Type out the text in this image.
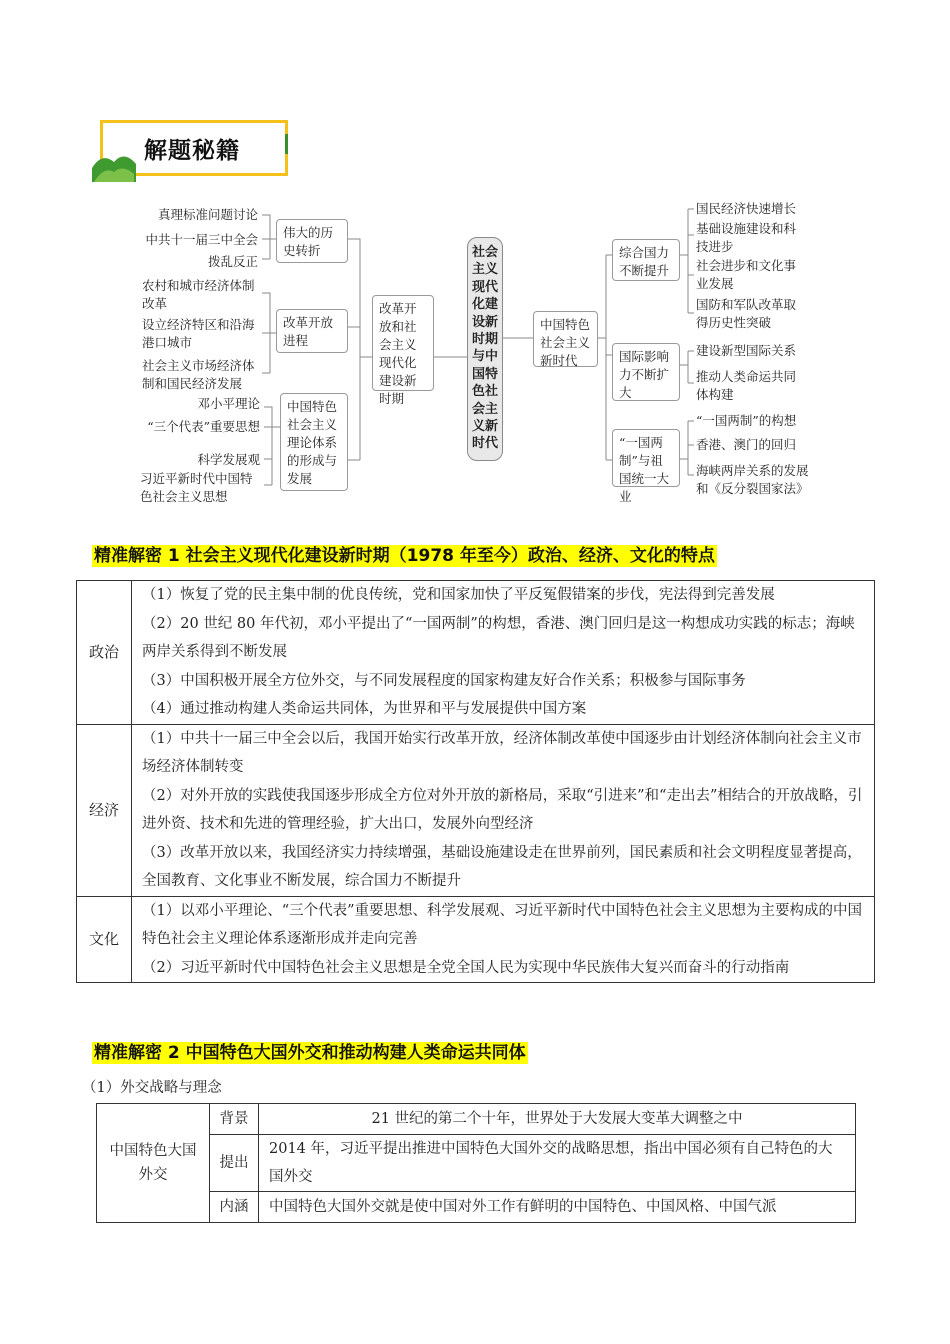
解题秘籍
真理标准问题讨论
中共十一届三中全会
拨乱反正
农村和城市经济体制改革
设立经济特区和沿海港口城市
社会主义市场经济体制和国民经济发展
邓小平理论
“三个代表”重要思想
科学发展观
习近平新时代中国特色社会主义思想
伟大的历史转折
改革开放进程
中国特色社会主义理论体系的形成与发展
改革开放和社会主义现代化建设新时期
社会主义现代化建设新时期与中国特色社会主义新时代
中国特色社会主义新时代
综合国力不断提升
国际影响力不断扩大
“一国两制”与祖国统一大业
国民经济快速增长
基础设施建设和科技进步
社会进步和文化事业发展
国防和军队改革取得历史性突破
建设新型国际关系
推动人类命运共同体构建
“一国两制”的构想
香港、澳门的回归
海峡两岸关系的发展和《反分裂国家法》
精准解密 1 社会主义现代化建设新时期（1978 年至今）政治、经济、文化的特点
政治	（1）恢复了党的民主集中制的优良传统，党和国家加快了平反冤假错案的步伐，宪法得到完善发展
（2）20 世纪 80 年代初，邓小平提出了“一国两制”的构想，香港、澳门回归是这一构想成功实践的标志；海峡两岸关系得到不断发展
（3）中国积极开展全方位外交，与不同发展程度的国家构建友好合作关系；积极参与国际事务
（4）通过推动构建人类命运共同体，为世界和平与发展提供中国方案

经济	（1）中共十一届三中全会以后，我国开始实行改革开放，经济体制改革使中国逐步由计划经济体制向社会主义市场经济体制转变
（2）对外开放的实践使我国逐步形成全方位对外开放的新格局，采取“引进来”和“走出去”相结合的开放战略，引进外资、技术和先进的管理经验，扩大出口，发展外向型经济
（3）改革开放以来，我国经济实力持续增强，基础设施建设走在世界前列，国民素质和社会文明程度显著提高，全国教育、文化事业不断发展，综合国力不断提升

文化	（1）以邓小平理论、“三个代表”重要思想、科学发展观、习近平新时代中国特色社会主义思想为主要构成的中国特色社会主义理论体系逐渐形成并走向完善
（2）习近平新时代中国特色社会主义思想是全党全国人民为实现中华民族伟大复兴而奋斗的行动指南
精准解密 2 中国特色大国外交和推动构建人类命运共同体
（1）外交战略与理念
中国特色大国外交	背景	21 世纪的第二个十年，世界处于大发展大变革大调整之中
	提出	2014 年，习近平提出推进中国特色大国外交的战略思想，指出中国必须有自己特色的大国外交
	内涵	中国特色大国外交就是使中国对外工作有鲜明的中国特色、中国风格、中国气派
